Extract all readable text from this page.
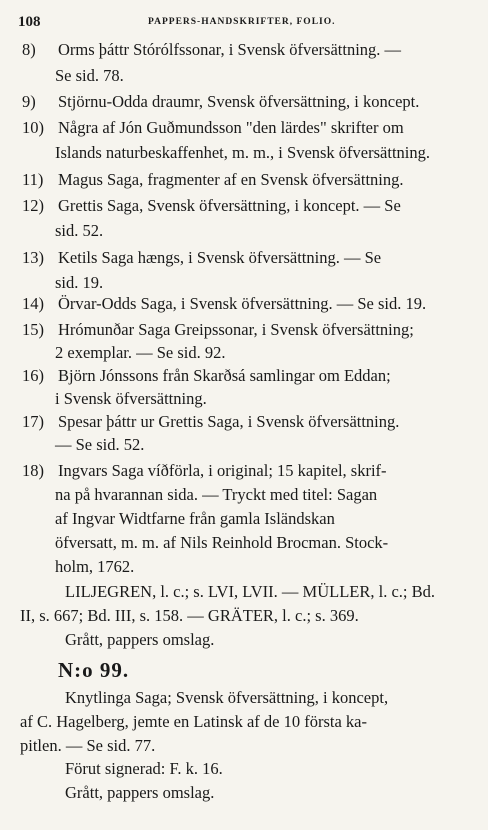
108	PAPPERS-HANDSKRIFTER, FOLIO.
8) Orms þáttr Stórólfssonar, i Svensk öfversättning. —
Se sid. 78.
9) Stjörnu-Odda draumr, Svensk öfversättning, i koncept.
10) Några af Jón Guðmundsson "den lärdes" skrifter om
Islands naturbeskaffenhet, m. m., i Svensk öfversättning.
11) Magus Saga, fragmenter af en Svensk öfversättning.
12) Grettis Saga, Svensk öfversättning, i koncept. — Se
sid. 52.
13) Ketils Saga hængs, i Svensk öfversättning. — Se
sid. 19.
14) Örvar-Odds Saga, i Svensk öfversättning. — Se sid. 19.
15) Hrómunðar Saga Greipssonar, i Svensk öfversättning;
2 exemplar. — Se sid. 92.
16) Björn Jónssons från Skarðsá samlingar om Eddan;
i Svensk öfversättning.
17) Spesar þáttr ur Grettis Saga, i Svensk öfversättning.
— Se sid. 52.
18) Ingvars Saga víðförla, i original; 15 kapitel, skrif-
na på hvarannan sida. — Tryckt med titel: Sagan
af Ingvar Widtfarne från gamla Isländskan
öfversatt, m. m. af Nils Reinhold Brocman. Stock-
holm, 1762.
LILJEGREN, l. c.; s. LVI, LVII. — MÜLLER, l. c.; Bd.
II, s. 667; Bd. III, s. 158. — GRÄTER, l. c.; s. 369.
Grått, pappers omslag.
N:o 99.
Knytlinga Saga; Svensk öfversättning, i koncept,
af C. Hagelberg, jemte en Latinsk af de 10 första ka-
pitlen. — Se sid. 77.
Förut signerad: F. k. 16.
Grått, pappers omslag.
